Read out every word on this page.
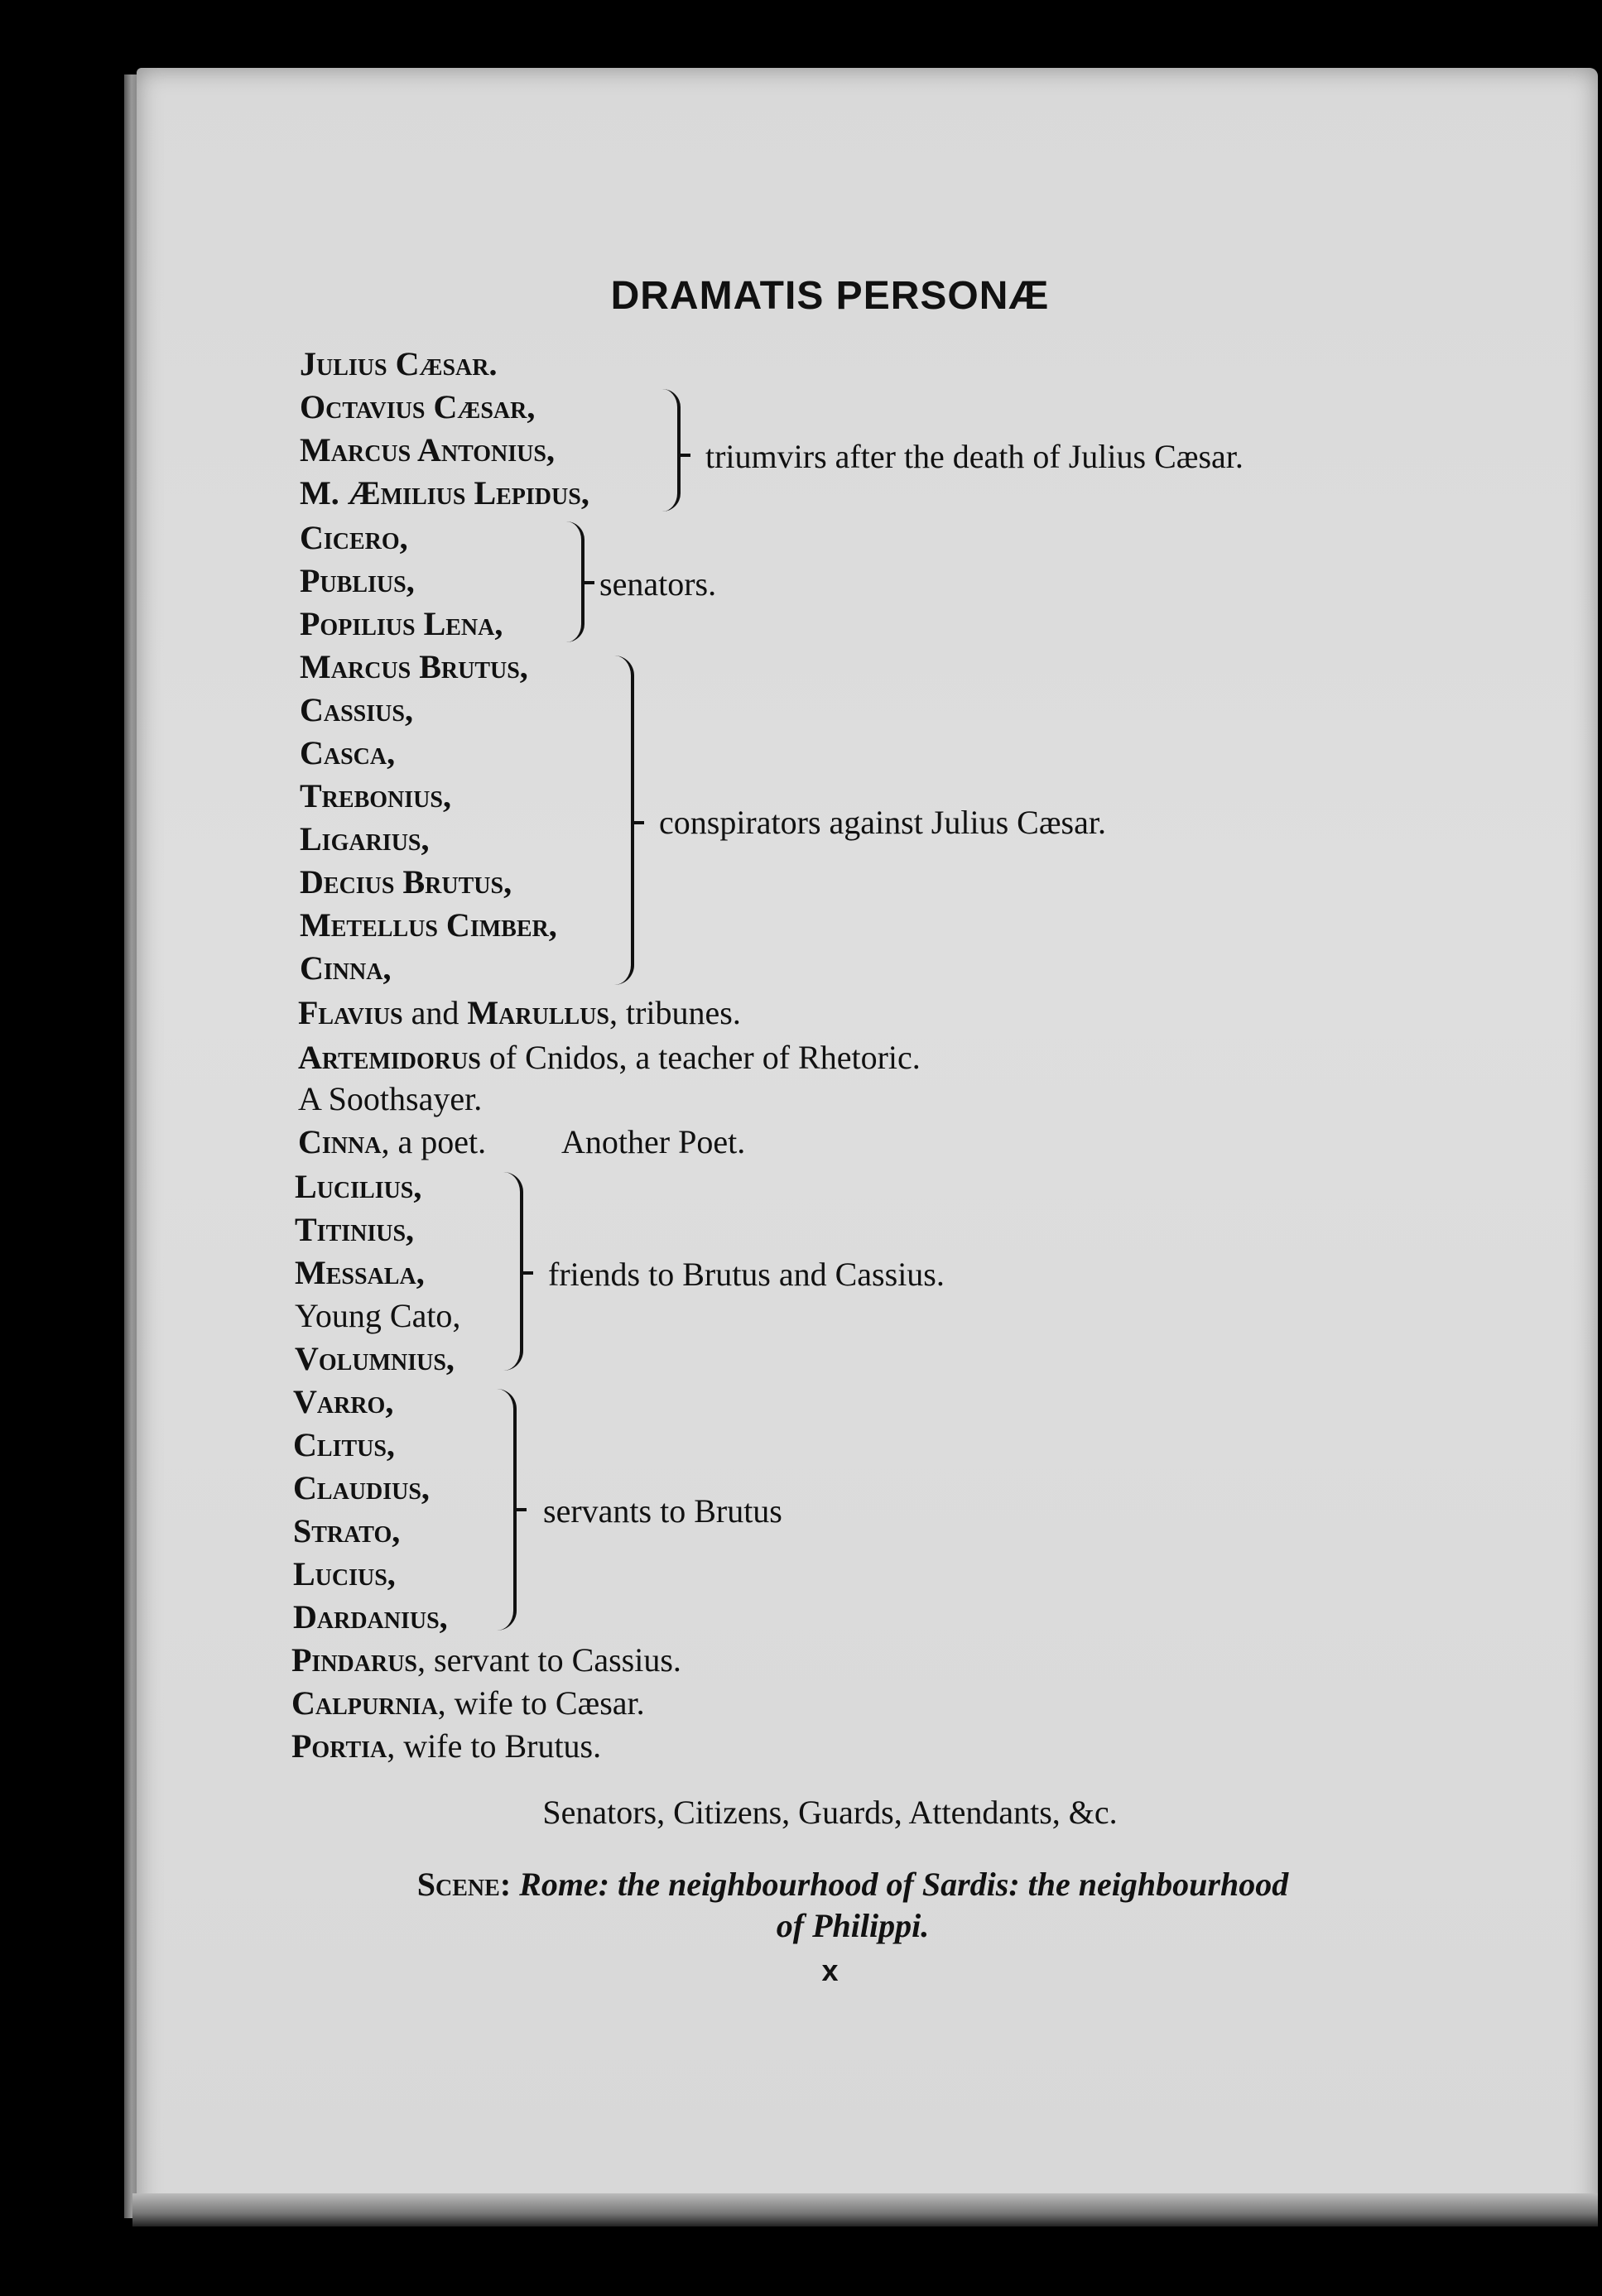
DRAMATIS PERSONÆ
Julius Cæsar.
Octavius Cæsar,
Marcus Antonius,
M. Æmilius Lepidus,
triumvirs after the death of Julius Cæsar.
Cicero,
Publius,
Popilius Lena,
senators.
Marcus Brutus,
Cassius,
Casca,
Trebonius,
Ligarius,
Decius Brutus,
Metellus Cimber,
Cinna,
conspirators against Julius Cæsar.
Flavius and Marullus, tribunes.
Artemidorus of Cnidos, a teacher of Rhetoric.
A Soothsayer.
Cinna, a poet. Another Poet.
Lucilius,
Titinius,
Messala,
Young Cato,
Volumnius,
friends to Brutus and Cassius.
Varro,
Clitus,
Claudius,
Strato,
Lucius,
Dardanius,
servants to Brutus
Pindarus, servant to Cassius.
Calpurnia, wife to Cæsar.
Portia, wife to Brutus.
Senators, Citizens, Guards, Attendants, &c.
Scene: Rome: the neighbourhood of Sardis: the neighbourhood
of Philippi.
x
